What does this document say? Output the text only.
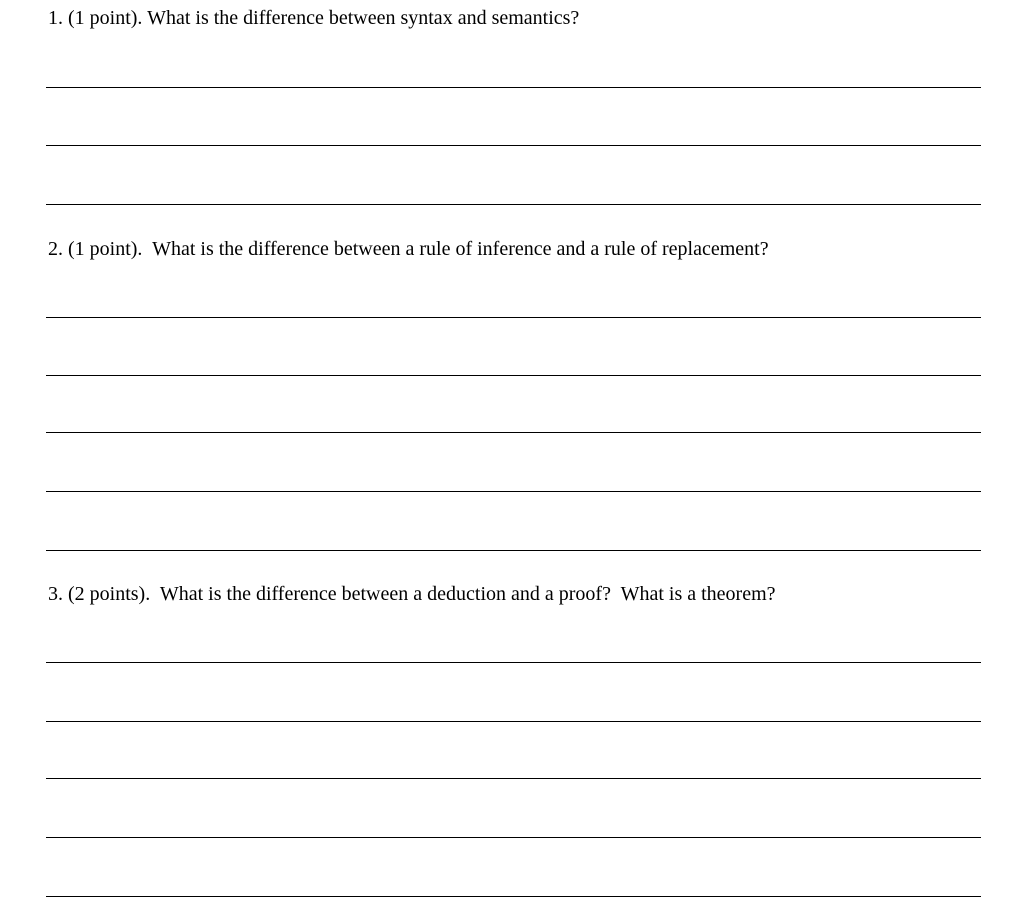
1. (1 point). What is the difference between syntax and semantics?

2. (1 point).  What is the difference between a rule of inference and a rule of replacement?

3. (2 points).  What is the difference between a deduction and a proof?  What is a theorem?
